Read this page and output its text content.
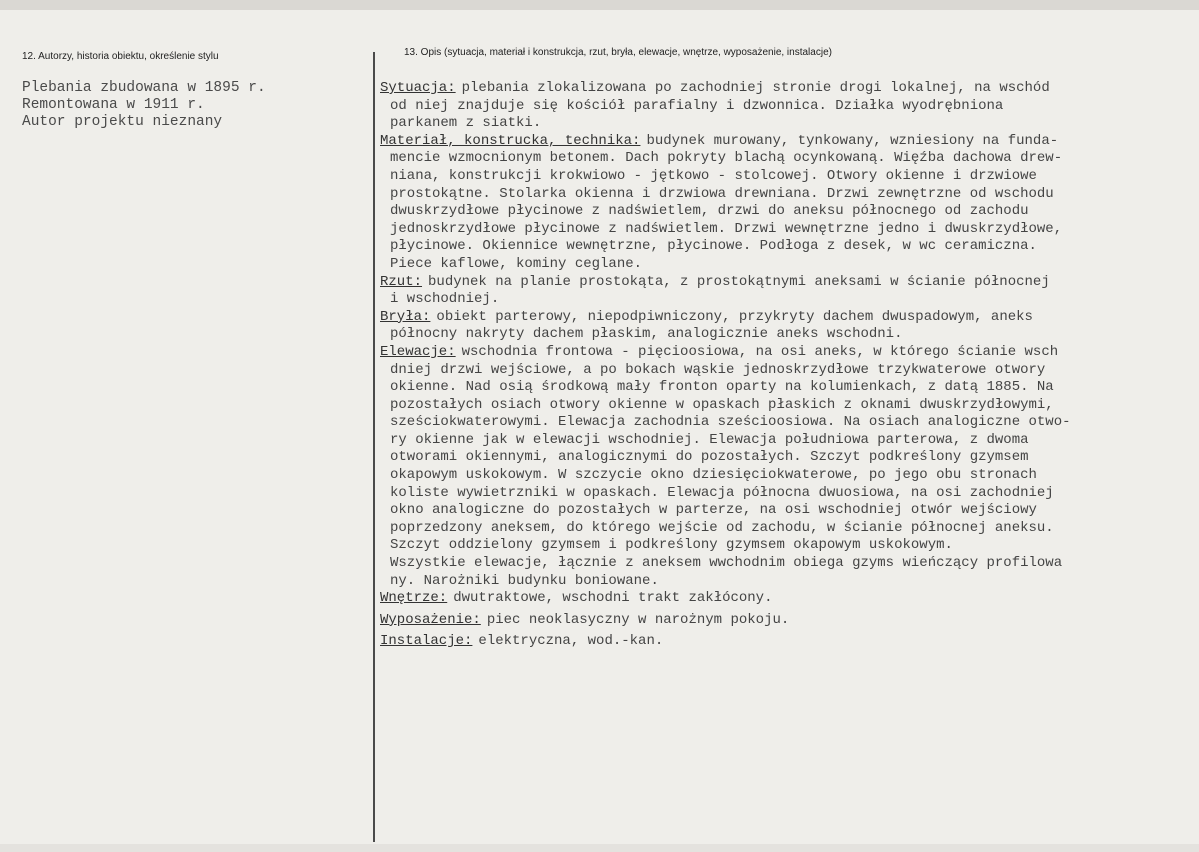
12. Autorzy, historia obiektu, określenie stylu	13. Opis (sytuacja, materiał i konstrukcja, rzut, bryła, elewacje, wnętrze, wyposażenie, instalacje)
Plebania zbudowana w 1895 r.
Remontowana w 1911 r.
Autor projektu nieznany
Sytuacja: plebania zlokalizowana po zachodniej stronie drogi lokalnej, na wschód
od niej znajduje się kościół parafialny i dzwonnica. Działka wyodrębniona
parkanem z siatki.
Materiał, konstrucka, technika: budynek murowany, tynkowany, wzniesiony na funda-
mencie wzmocnionym betonem. Dach pokryty blachą ocynkowaną. Więźba dachowa drew-
niana, konstrukcji krokwiowo - jętkowo - stolcowej. Otwory okienne i drzwiowe
prostokątne. Stolarka okienna i drzwiowa drewniana. Drzwi zewnętrzne od wschodu
dwuskrzydłowe płycinowe z nadświetlem, drzwi do aneksu północnego od zachodu
jednoskrzydłowe płycinowe z nadświetlem. Drzwi wewnętrzne jedno i dwuskrzydłowe,
płycinowe. Okiennice wewnętrzne, płycinowe. Podłoga z desek, w wc ceramiczna.
Piece kaflowe, kominy ceglane.
Rzut: budynek na planie prostokąta, z prostokątnymi aneksami w ścianie północnej
i wschodniej.
Bryła: obiekt parterowy, niepodpiwniczony, przykryty dachem dwuspadowym, aneks
północny nakryty dachem płaskim, analogicznie aneks wschodni.
Elewacje: wschodnia frontowa - pięcioosiowa, na osi aneks, w którego ścianie wsch
dniej drzwi wejściowe, a po bokach wąskie jednoskrzydłowe trzykwaterowe otwory
okienne. Nad osią środkową mały fronton oparty na kolumienkach, z datą 1885. Na
pozostałych osiach otwory okienne w opaskach płaskich z oknami dwuskrzydłowymi,
sześciokwaterowymi. Elewacja zachodnia sześcioosiowa. Na osiach analogiczne otwo-
ry okienne jak w elewacji wschodniej. Elewacja południowa parterowa, z dwoma
otworami okiennymi, analogicznymi do pozostałych. Szczyt podkreślony gzymsem
okapowym uskokowym. W szczycie okno dziesięciokwaterowe, po jego obu stronach
koliste wywietrzniki w opaskach. Elewacja północna dwuosiowa, na osi zachodniej
okno analogiczne do pozostałych w parterze, na osi wschodniej otwór wejściowy
poprzedzony aneksem, do którego wejście od zachodu, w ścianie północnej aneksu.
Szczyt oddzielony gzymsem i podkreślony gzymsem okapowym uskokowym.
Wszystkie elewacje, łącznie z aneksem wwchodnim obiega gzyms wieńczący profilowa
ny. Narożniki budynku boniowane.
Wnętrze: dwutraktowe, wschodni trakt zakłócony.
Wyposażenie: piec neoklasyczny w narożnym pokoju.
Instalacje: elektryczna, wod.-kan.
